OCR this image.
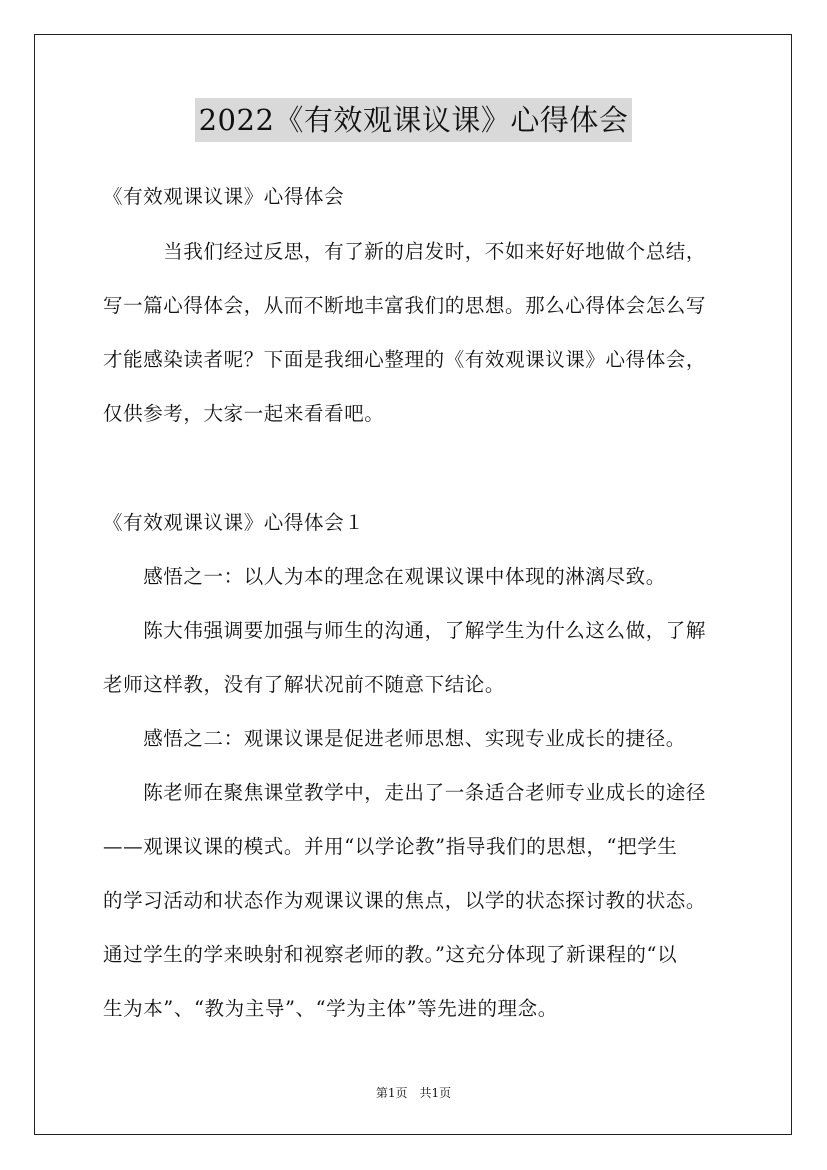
2022《有效观课议课》心得体会
《有效观课议课》心得体会
　　　当我们经过反思，有了新的启发时，不如来好好地做个总结，
写一篇心得体会，从而不断地丰富我们的思想。那么心得体会怎么写
才能感染读者呢？下面是我细心整理的《有效观课议课》心得体会，
仅供参考，大家一起来看看吧。
《有效观课议课》心得体会１
　　感悟之一：以人为本的理念在观课议课中体现的淋漓尽致。
　　陈大伟强调要加强与师生的沟通，了解学生为什么这么做，了解
老师这样教，没有了解状况前不随意下结论。
　　感悟之二：观课议课是促进老师思想、实现专业成长的捷径。
　　陈老师在聚焦课堂教学中，走出了一条适合老师专业成长的途径
——观课议课的模式。并用“以学论教”指导我们的思想，“把学生
的学习活动和状态作为观课议课的焦点，以学的状态探讨教的状态。
通过学生的学来映射和视察老师的教。”这充分体现了新课程的“以
生为本”、“教为主导”、“学为主体”等先进的理念。
第1页　共1页
